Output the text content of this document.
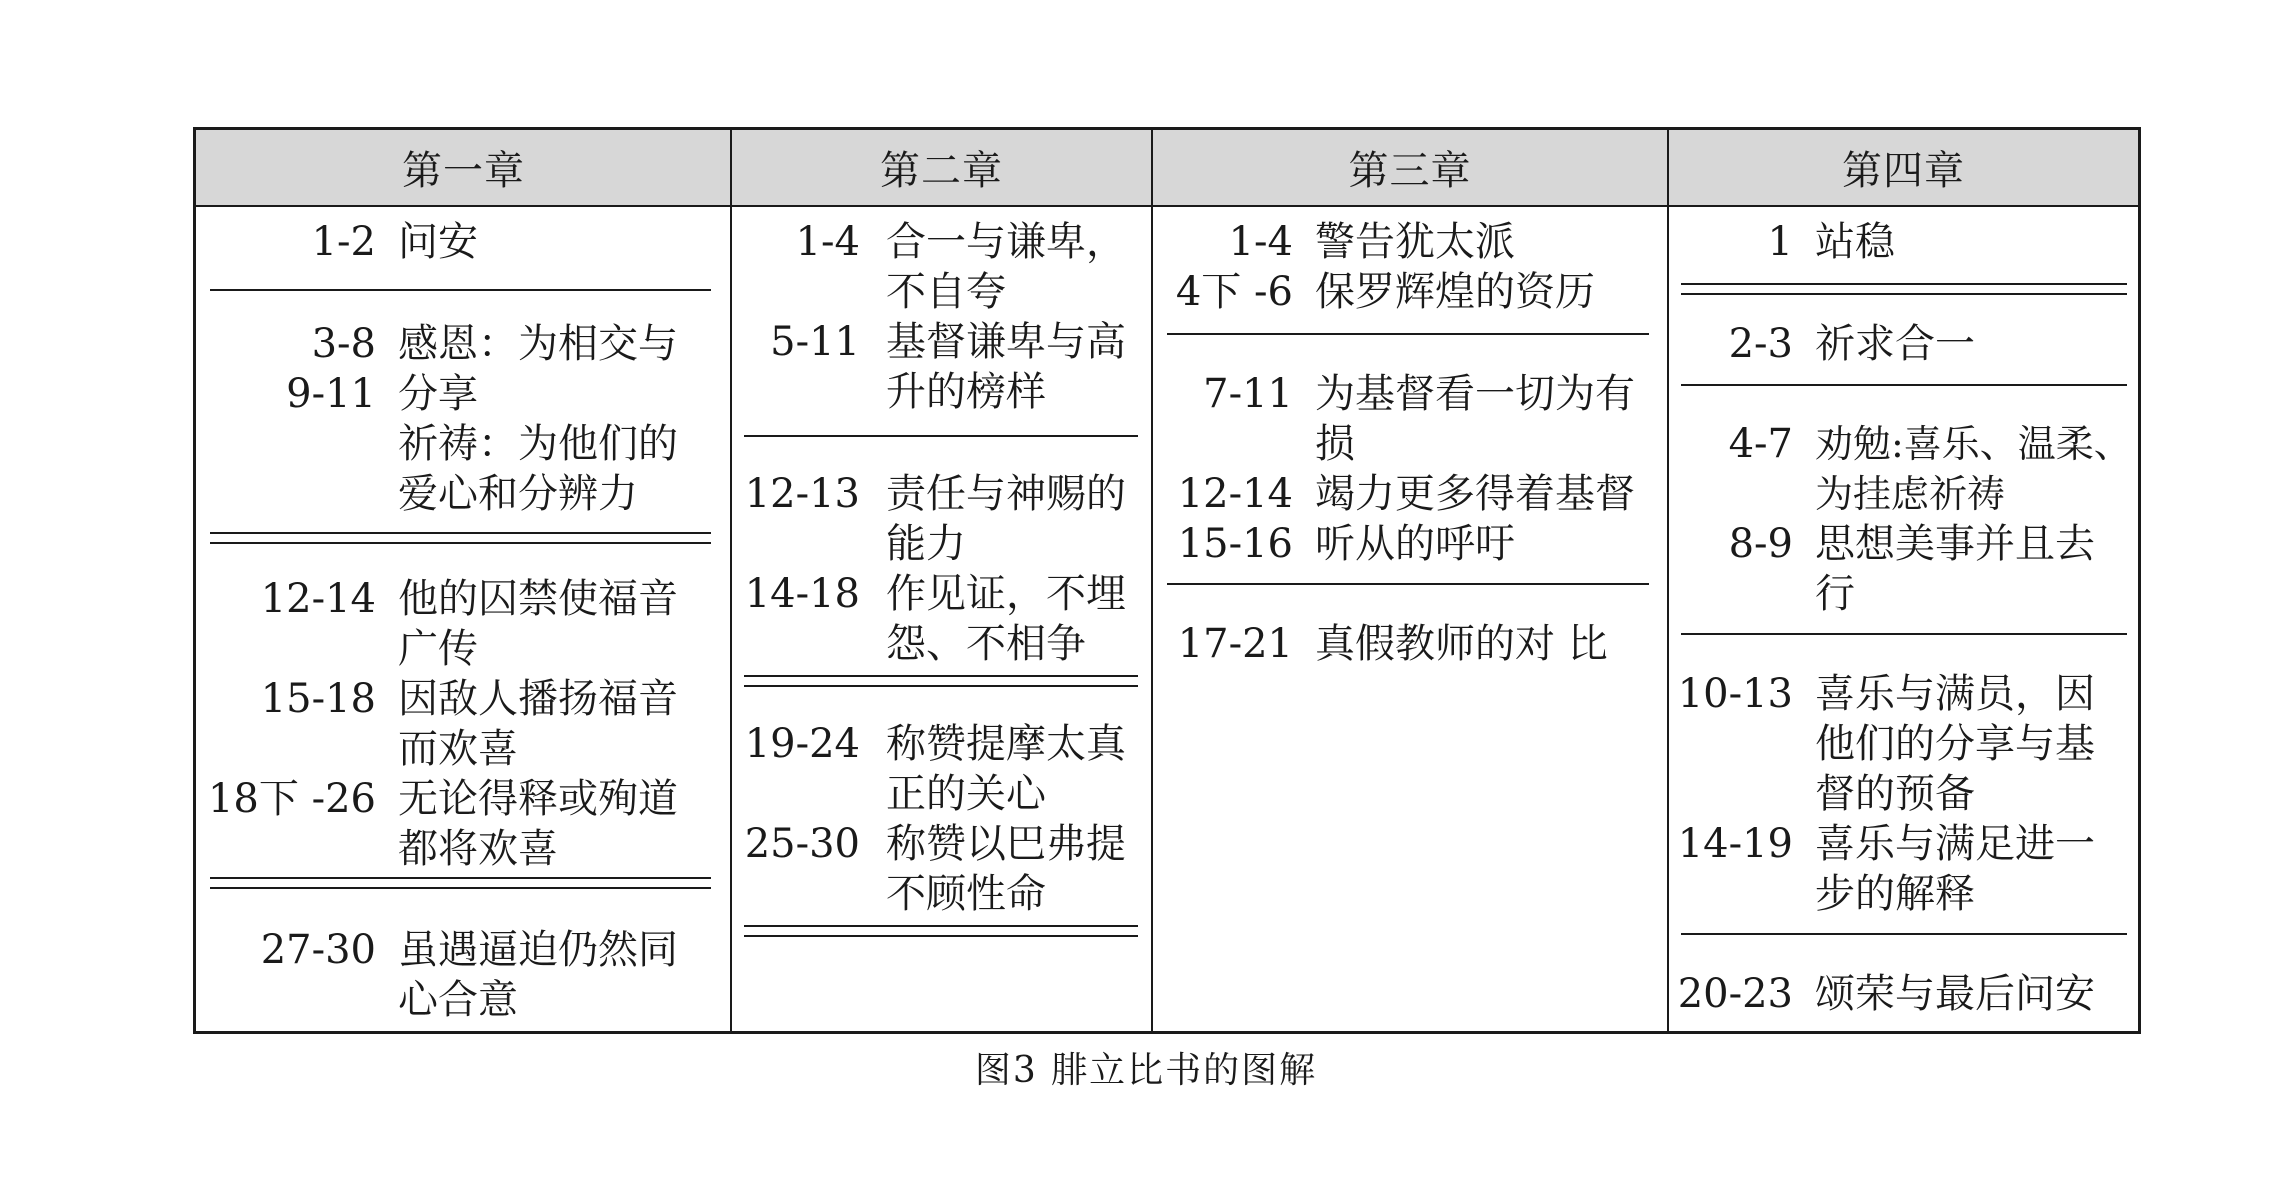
第一章
1-2 问安
3-8 感恩：为相交与
9-11 分享
祈祷：为他们的
爱心和分辨力
12-14 他的囚禁使福音
广传
15-18 因敌人播扬福音
而欢喜
18下 -26 无论得释或殉道
都将欢喜
27-30 虽遇逼迫仍然同
心合意
第二章
1-4 合一与谦卑，
不自夸
5-11 基督谦卑与高
升的榜样
12-13 责任与神赐的
能力
14-18 作见证，不埋
怨、不相争
19-24 称赞提摩太真
正的关心
25-30 称赞以巴弗提
不顾性命
第三章
1-4 警告犹太派
4下 -6 保罗辉煌的资历
7-11 为基督看一切为有
损
12-14 竭力更多得着基督
15-16 听从的呼吁
17-21 真假教师的对 比
第四章
1 站稳
2-3 祈求合一
4-7 劝勉:喜乐、温柔、
为挂虑祈祷
8-9 思想美事并且去
行
10-13 喜乐与满员，因
他们的分享与基
督的预备
14-19 喜乐与满足进一
步的解释
20-23 颂荣与最后问安
图3 腓立比书的图解
